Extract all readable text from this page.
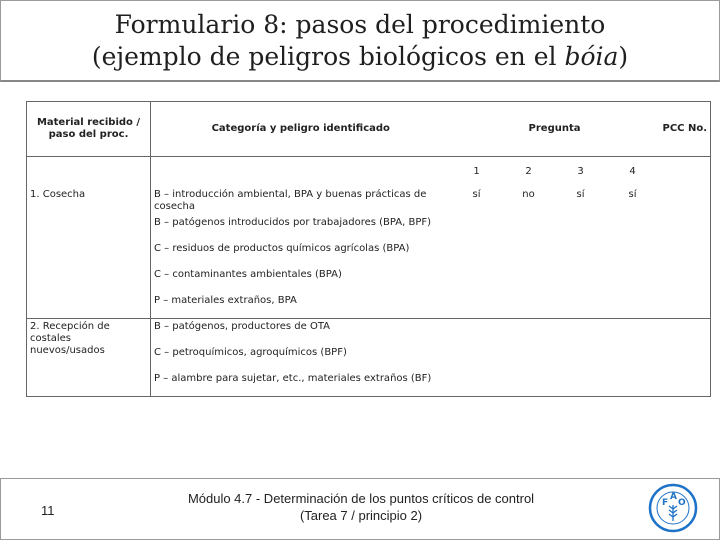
Formulario 8: pasos del procedimiento
(ejemplo de peligros biológicos en el bóia)
Material recibido / paso del proc.	Categoría y peligro identificado	Pregunta				PCC No.
		1	2	3	4	
1. Cosecha	B – introducción ambiental, BPA y buenas prácticas de cosecha	sí	no	sí	sí	
	B – patógenos introducidos por trabajadores (BPA, BPF)					
	C – residuos de productos químicos agrícolas (BPA)					
	C – contaminantes ambientales (BPA)					
	P – materiales extraños, BPA					
2. Recepción de costales nuevos/usados	B – patógenos, productores de OTA					
	C – petroquímicos, agroquímicos (BPF)					
	P – alambre para sujetar, etc., materiales extraños (BF)					
11
Módulo 4.7 - Determinación de los puntos críticos de control
(Tarea 7 / principio 2)
F
A
O
